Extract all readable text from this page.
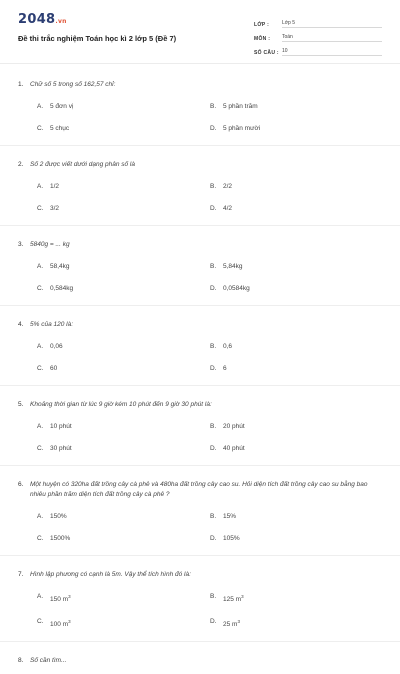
2048.vn
Đề thi trắc nghiệm Toán học kì 2 lớp 5 (Đề 7)
LỚP :	Lớp 5
MÔN :	Toán
SỐ CÂU : 10
1.	Chữ số 5 trong số 162,57 chỉ:
A.	5 đơn vị	B.	5 phần trăm
C.	5 chục	D.	5 phần mười
2.	Số 2 được viết dưới dạng phân số là
A.	1/2	B.	2/2
C.	3/2	D.	4/2
3.	5840g = ... kg
A.	58,4kg	B.	5,84kg
C.	0,584kg	D.	0,0584kg
4.	5% của 120 là:
A.	0,06	B.	0,6
C.	60	D.	6
5.	Khoảng thời gian từ lúc 9 giờ kém 10 phút đến 9 giờ 30 phút là:
A.	10 phút	B.	20 phút
C.	30 phút	D.	40 phút
6.	Một huyện có 320ha đất trồng cây cà phê và 480ha đất trồng cây cao su. Hỏi diện tích đất trồng cây cao su bằng bao nhiêu phần trăm diện tích đất trồng cây cà phê ?
A.	150%	B.	15%
C.	1500%	D.	105%
7.	Hình lập phương có cạnh là 5m. Vậy thể tích hình đó là:
A.	150 $m^3$	B.	125 $m^3$
C.	100 $m^3$	D.	25 $m^3$
8.	Số cần tìm...
